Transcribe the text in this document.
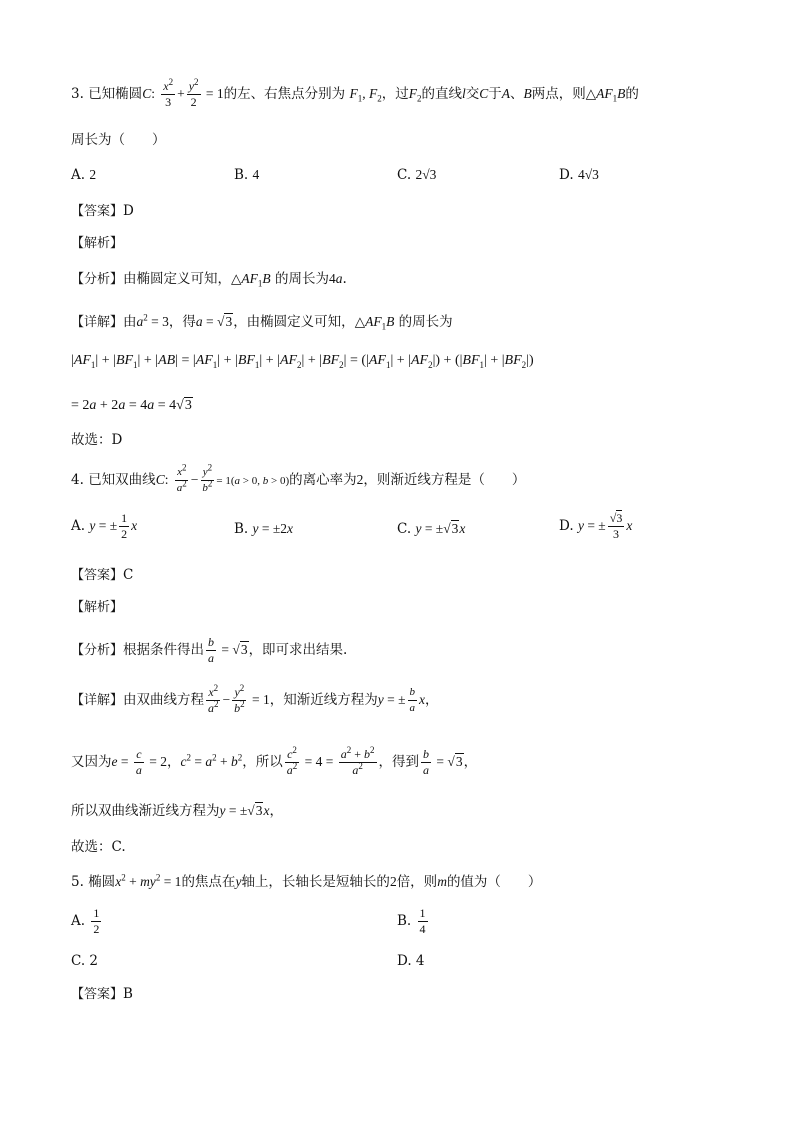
3. 已知椭圆C: $\frac{x^2}{3} + \frac{y^2}{2} = 1$的左、右焦点分别为 $F_1$, $F_2$，过$F_2$的直线l交C于A、B两点，则$\triangle AF_1B$的
周长为（　　）
A. 2	B. 4	C. 2√3	D. 4√3
【答案】D
【解析】
【分析】由椭圆定义可知，$\triangle AF_1B$ 的周长为4a.
【详解】由$a^2 = 3$，得a = √3，由椭圆定义可知，$\triangle AF_1B$ 的周长为
$|AF_1| + |BF_1| + |AB| = |AF_1| + |BF_1| + |AF_2| + |BF_2| = (|AF_1| + |AF_2|) + (|BF_1| + |BF_2|)$
= 2a + 2a = 4a = 4√3
故选：D
4. 已知双曲线C: $\frac{x^2}{a^2} - \frac{y^2}{b^2} = 1(a > 0$, b > 0)的离心率为2，则渐近线方程是（　　）
A. y = ± $\frac{1}{2}$ x	B. y = ±2x	C. y = ±√3x	D. y = ± $\frac{√3}{3}$ x
【答案】C
【解析】
【分析】根据条件得出 $\frac{b}{a} = √3$，即可求出结果.
【详解】由双曲线方程 $\frac{x^2}{a^2} - \frac{y^2}{b^2} = 1$，知渐近线方程为y = ± $\frac{b}{a}$ x，
又因为$e = \frac{c}{a} = 2$，$c^2 = a^2 + b^2$，所以 $\frac{c^2}{a^2} = 4 = \frac{a^2 + b^2}{a^2}$ ，得到 $\frac{b}{a} = √3$，
所以双曲线渐近线方程为y = ±√3x，
故选：C.
5. 椭圆$x^2 + my^2 = 1$的焦点在y轴上，长轴长是短轴长的2倍，则m的值为（　　）
A. $\frac{1}{2}$	B. $\frac{1}{4}$
C. 2	D. 4
【答案】B
